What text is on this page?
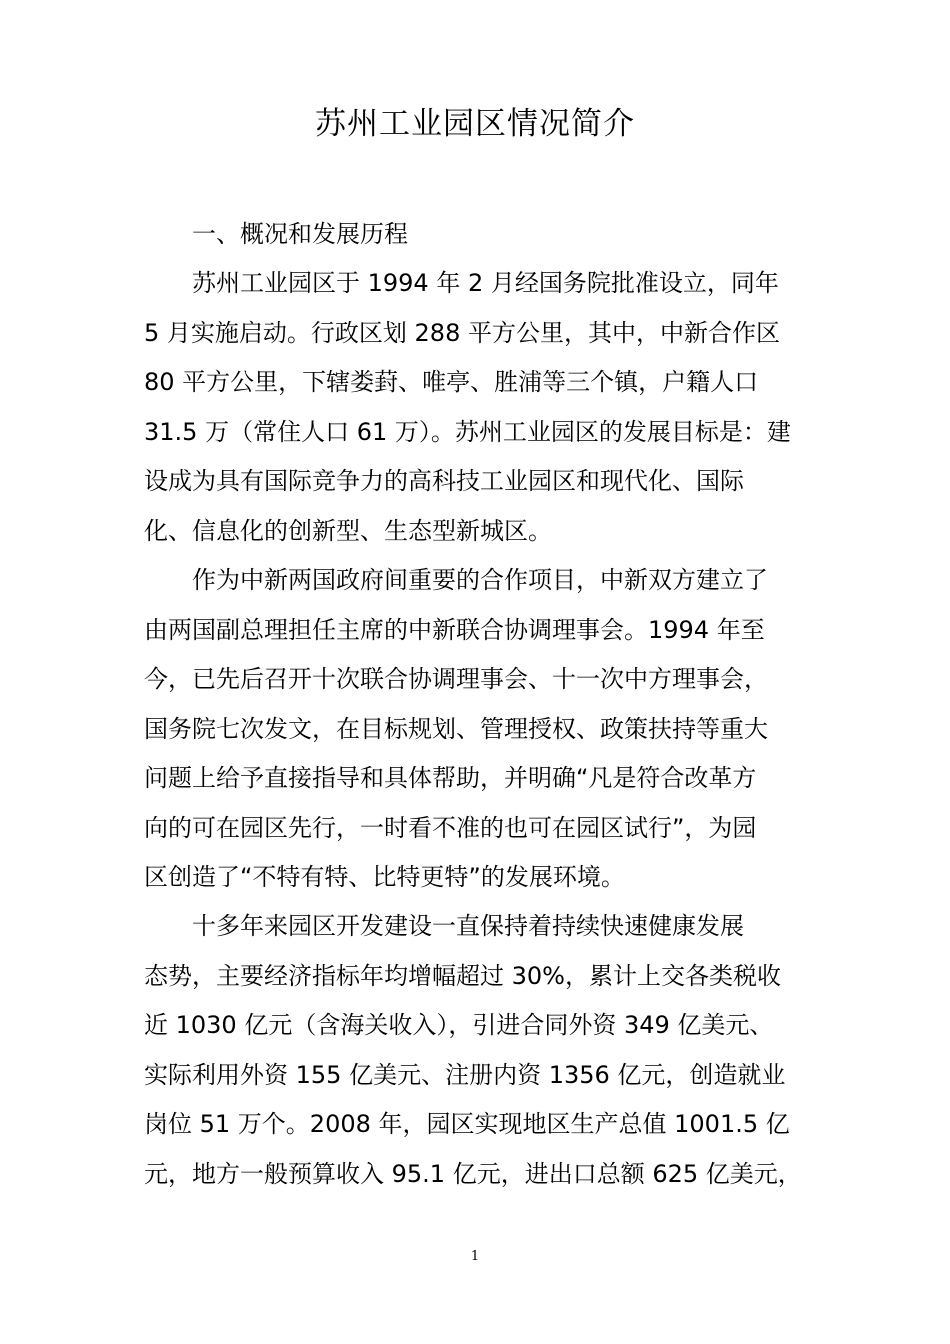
苏州工业园区情况简介
一、概况和发展历程
苏州工业园区于 1994 年 2 月经国务院批准设立，同年
5 月实施启动。行政区划 288 平方公里，其中，中新合作区
80 平方公里，下辖娄葑、唯亭、胜浦等三个镇，户籍人口
31.5 万（常住人口 61 万）。苏州工业园区的发展目标是：建
设成为具有国际竞争力的高科技工业园区和现代化、国际
化、信息化的创新型、生态型新城区。
作为中新两国政府间重要的合作项目，中新双方建立了
由两国副总理担任主席的中新联合协调理事会。1994 年至
今，已先后召开十次联合协调理事会、十一次中方理事会，
国务院七次发文，在目标规划、管理授权、政策扶持等重大
问题上给予直接指导和具体帮助，并明确“凡是符合改革方
向的可在园区先行，一时看不准的也可在园区试行”，为园
区创造了“不特有特、比特更特”的发展环境。
十多年来园区开发建设一直保持着持续快速健康发展
态势，主要经济指标年均增幅超过 30%，累计上交各类税收
近 1030 亿元（含海关收入），引进合同外资 349 亿美元、
实际利用外资 155 亿美元、注册内资 1356 亿元，创造就业
岗位 51 万个。2008 年，园区实现地区生产总值 1001.5 亿
元，地方一般预算收入 95.1 亿元，进出口总额 625 亿美元，
1
